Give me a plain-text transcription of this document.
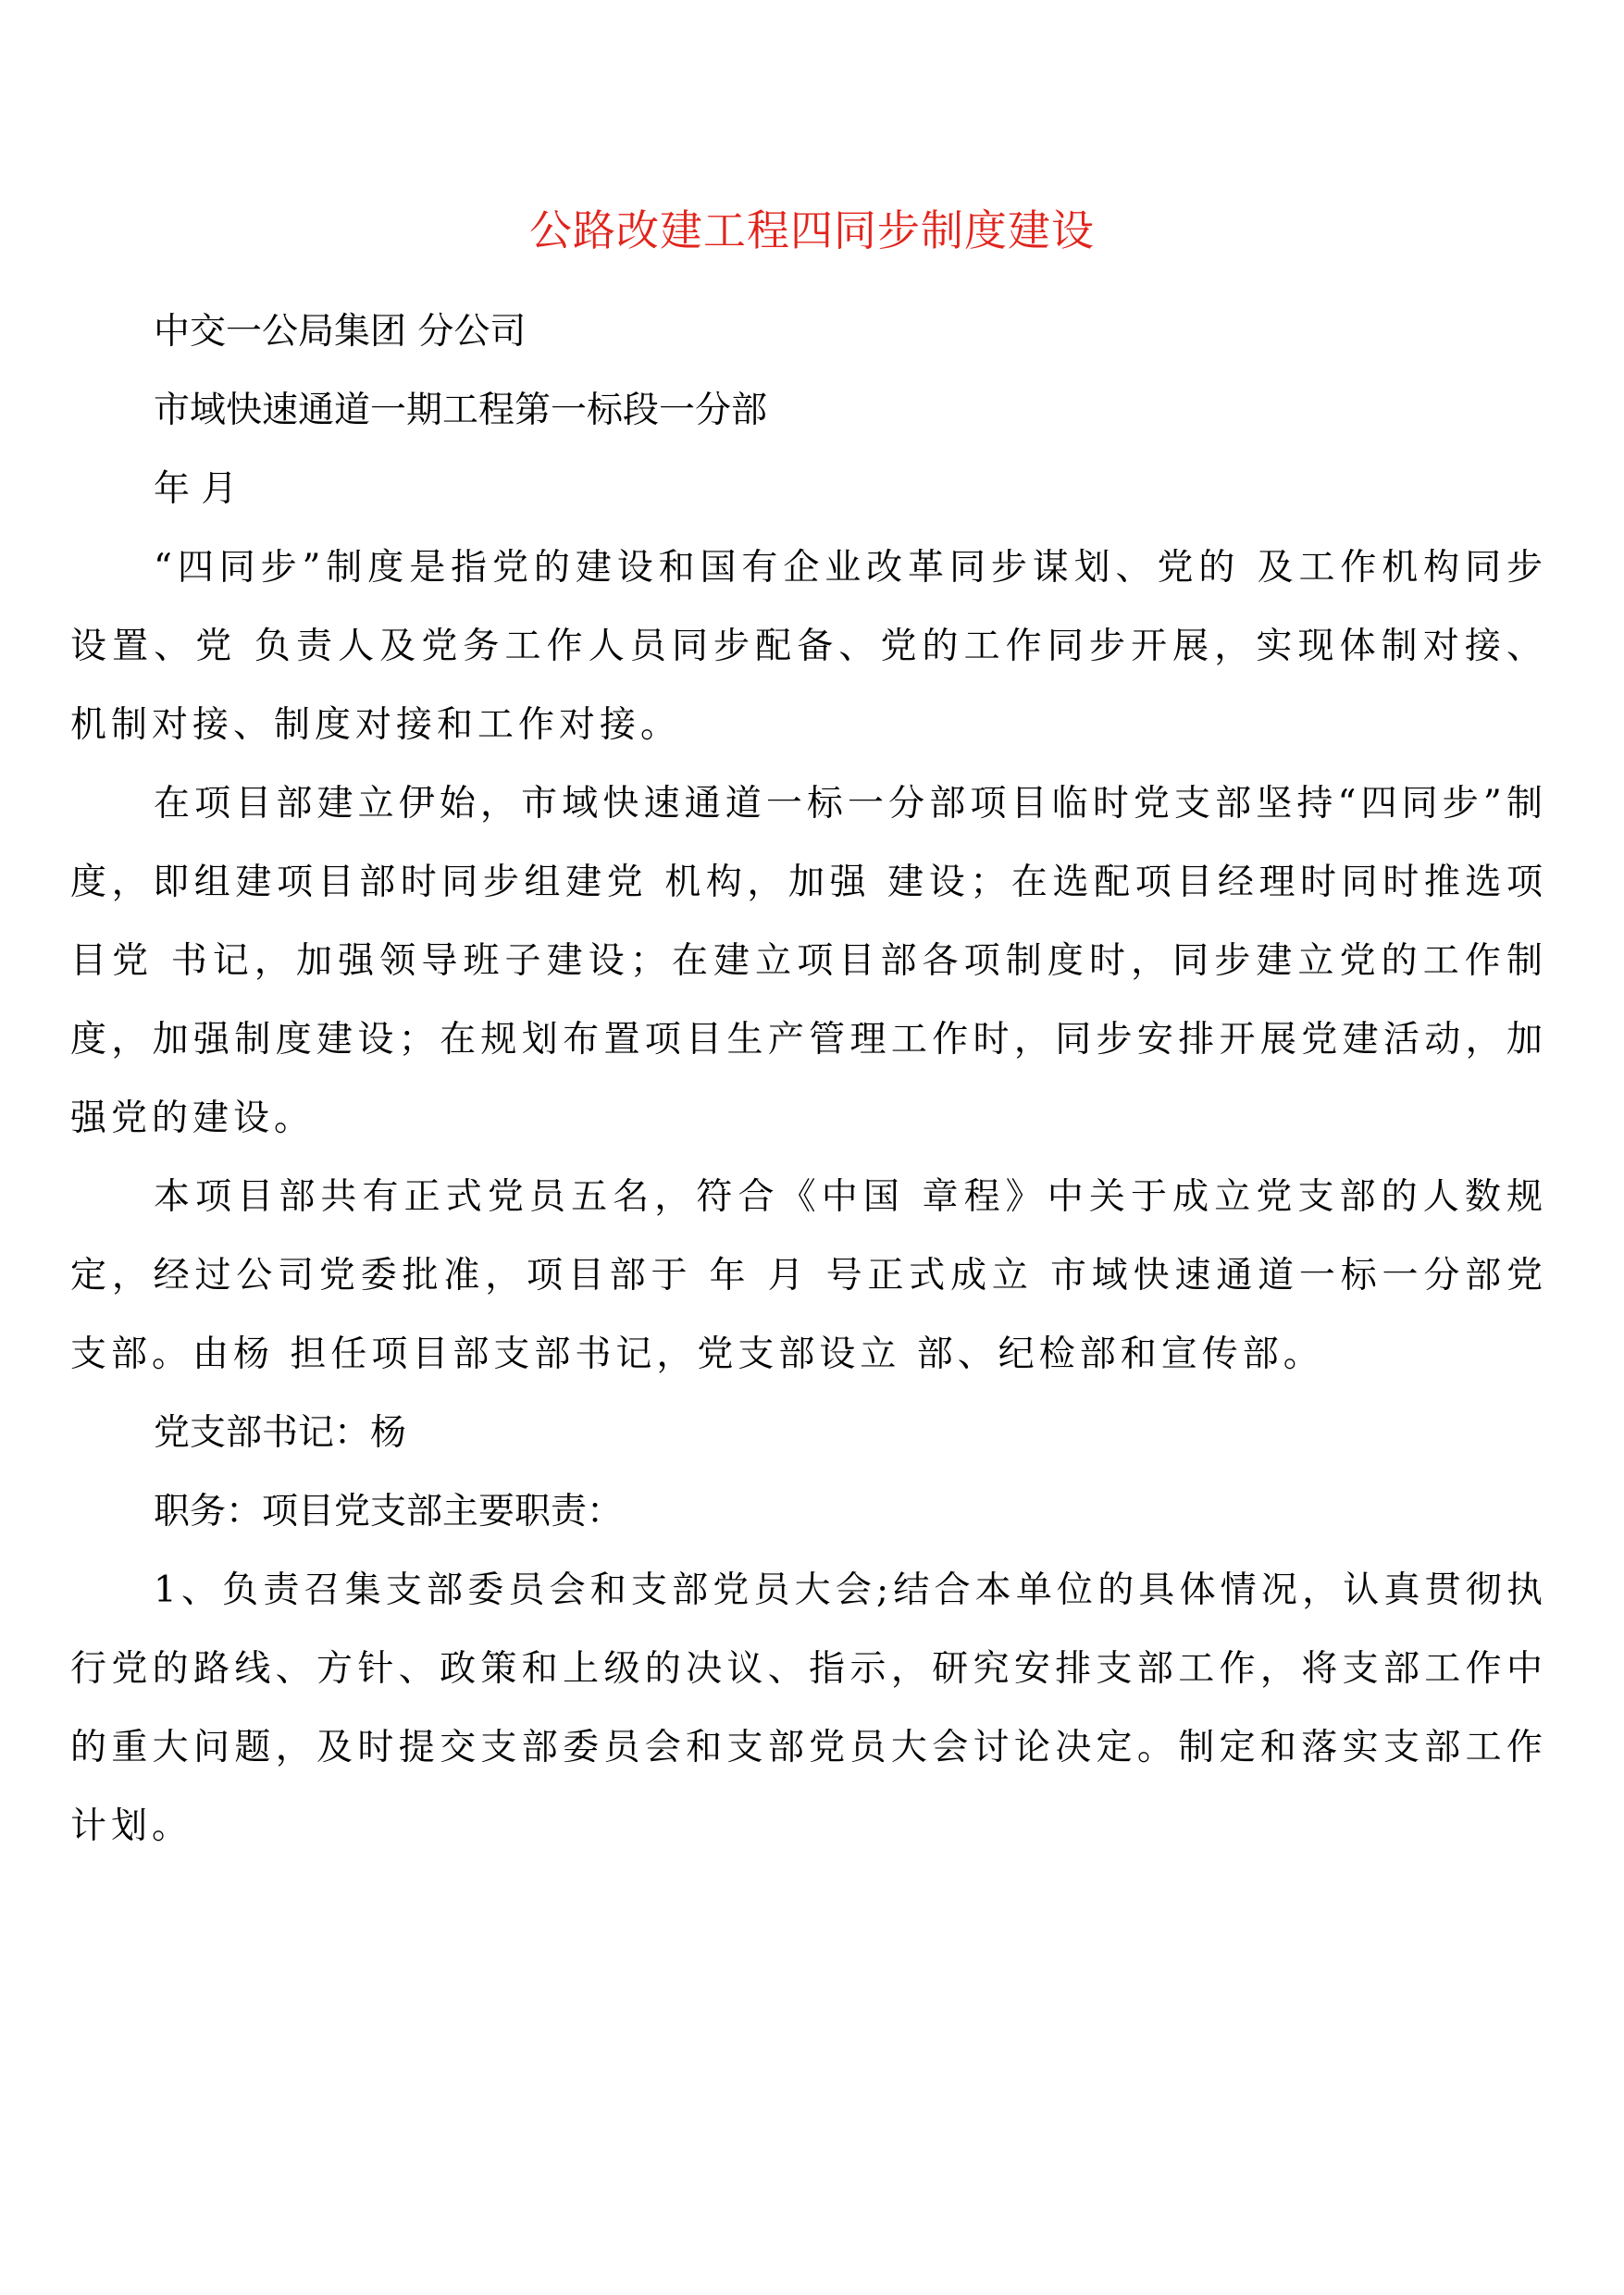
公路改建工程四同步制度建设

中交一公局集团 分公司

市域快速通道一期工程第一标段一分部

年 月

“四同步”制度是指党的建设和国有企业改革同步谋划、党的 及工作机构同步设置、党 负责人及党务工作人员同步配备、党的工作同步开展，实现体制对接、机制对接、制度对接和工作对接。

在项目部建立伊始，市域快速通道一标一分部项目临时党支部坚持“四同步”制度，即组建项目部时同步组建党 机构，加强 建设；在选配项目经理时同时推选项目党 书记，加强领导班子建设；在建立项目部各项制度时，同步建立党的工作制度，加强制度建设；在规划布置项目生产管理工作时，同步安排开展党建活动，加强党的建设。

本项目部共有正式党员五名，符合《中国 章程》中关于成立党支部的人数规定，经过公司党委批准，项目部于 年 月 号正式成立 市域快速通道一标一分部党支部。由杨 担任项目部支部书记，党支部设立 部、纪检部和宣传部。

党支部书记：杨

职务：项目党支部主要职责：

1、负责召集支部委员会和支部党员大会;结合本单位的具体情况，认真贯彻执行党的路线、方针、政策和上级的决议、指示，研究安排支部工作，将支部工作中的重大问题，及时提交支部委员会和支部党员大会讨论决定。制定和落实支部工作计划。
